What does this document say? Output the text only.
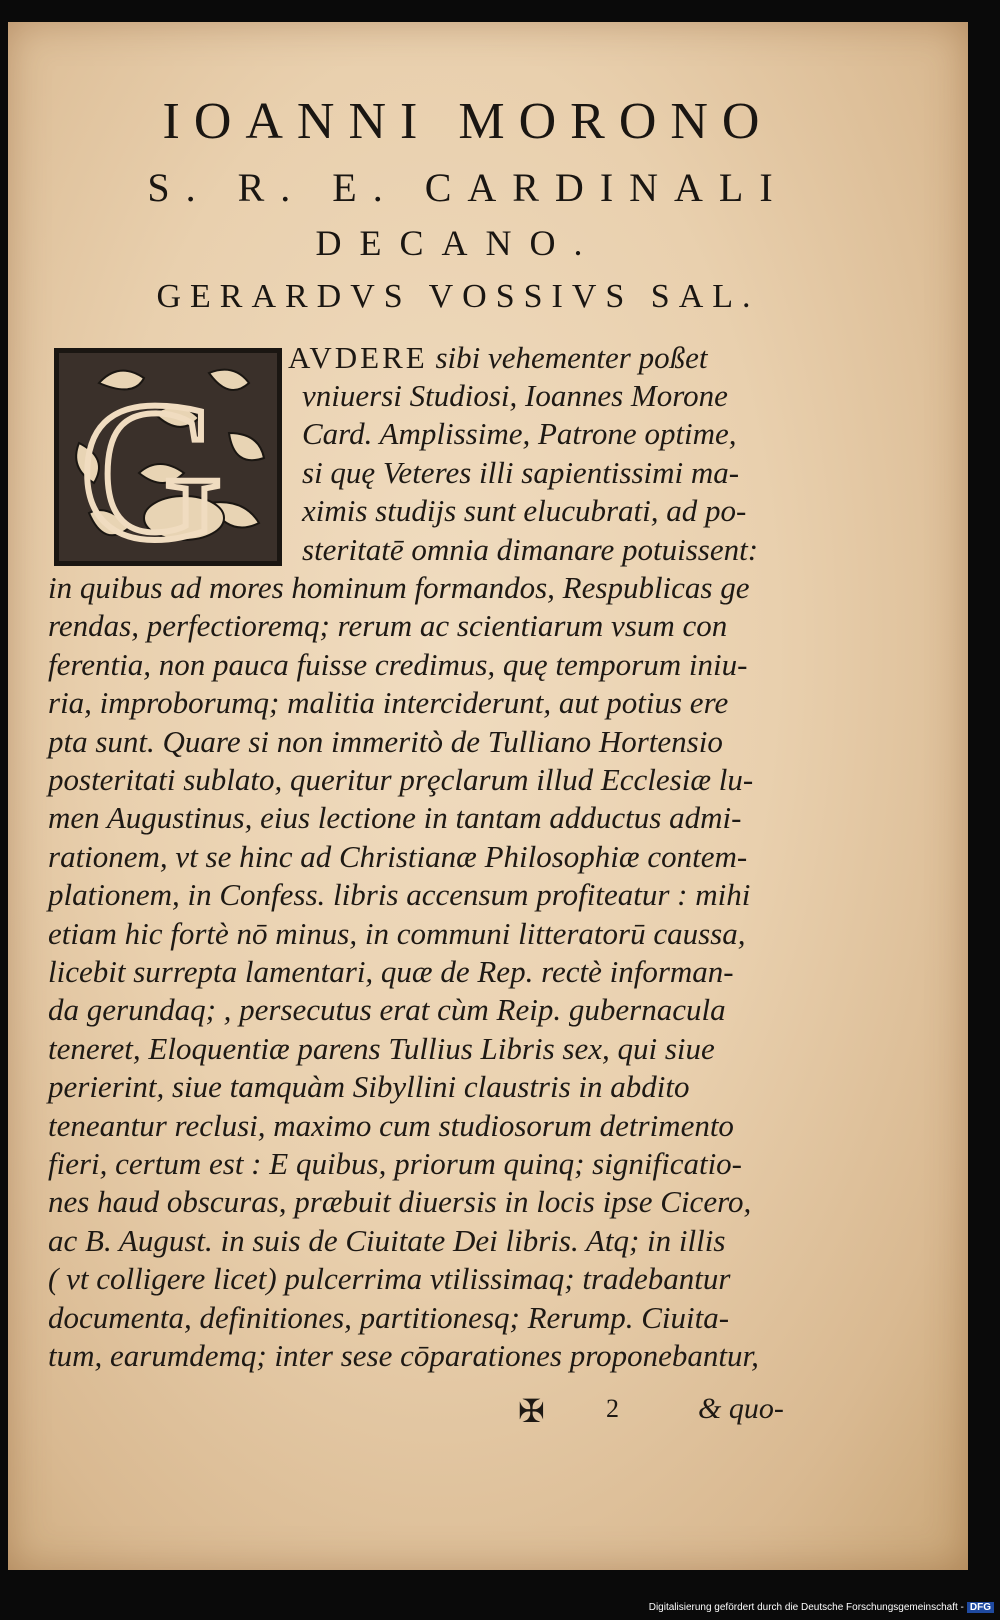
IOANNI MORONO
S. R. E. CARDINALI
DECANO.
GERARDVS VOSSIVS SAL.
G
AVDERE sibi vehementer poßet
vniuersi Studiosi, Ioannes Morone
Card. Amplissime, Patrone optime,
si quę Veteres illi sapientissimi ma-
ximis studijs sunt elucubrati, ad po-
steritatē omnia dimanare potuissent:
in quibus ad mores hominum formandos, Respublicas ge
rendas, perfectioremq; rerum ac scientiarum vsum con
ferentia, non pauca fuisse credimus, quę temporum iniu-
ria, improborumq; malitia interciderunt, aut potius ere
pta sunt. Quare si non immeritò de Tulliano Hortensio
posteritati sublato, queritur prȩclarum illud Ecclesiæ lu-
men Augustinus, eius lectione in tantam adductus admi-
rationem, vt se hinc ad Christianæ Philosophiæ contem-
plationem, in Confess. libris accensum profiteatur : mihi
etiam hic fortè nō minus, in communi litteratorū caussa,
licebit surrepta lamentari, quæ de Rep. rectè informan-
da gerundaq; , persecutus erat cùm Reip. gubernacula
teneret, Eloquentiæ parens Tullius Libris sex, qui siue
perierint, siue tamquàm Sibyllini claustris in abdito
teneantur reclusi, maximo cum studiosorum detrimento
fieri, certum est : E quibus, priorum quinq; significatio-
nes haud obscuras, præbuit diuersis in locis ipse Cicero,
ac B. August. in suis de Ciuitate Dei libris. Atq; in illis
( vt colligere licet) pulcerrima vtilissimaq; tradebantur
documenta, definitiones, partitionesq; Rerump. Ciuita-
tum, earumdemq; inter sese cōparationes proponebantur,
✠ 2	& quo-
Digitalisierung gefördert durch die Deutsche Forschungsgemeinschaft - DFG
